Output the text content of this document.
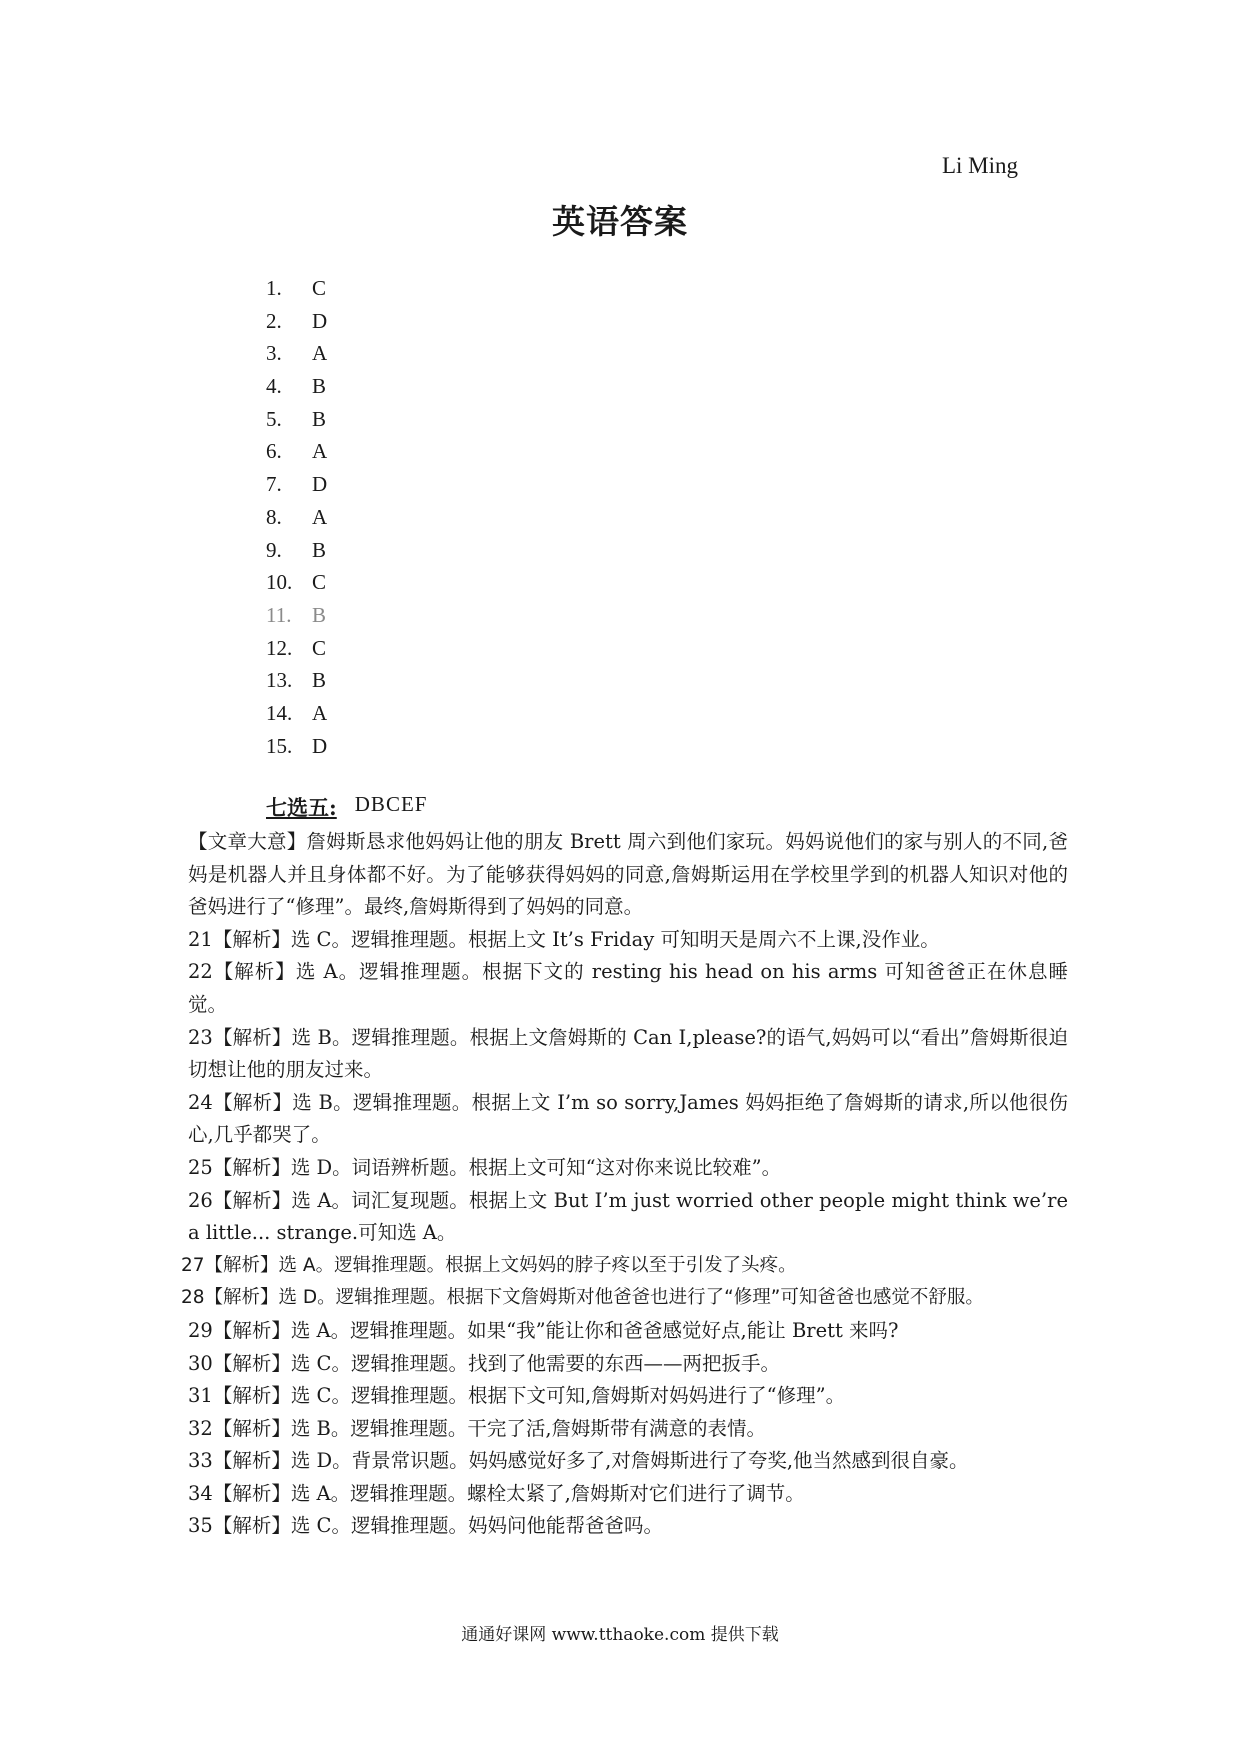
Li Ming
英语答案
1 .	C
2 .	D
3 .	A
4 .	B
5 .	B
6 .	A
7 .	D
8 .	A
9 .	B
10 .	C
11 .	B
12 .	C
13 .	B
14 .	A
15 .	D
七选五: DBCEF

【文章大意】詹姆斯恳求他妈妈让他的朋友 Brett 周六到他们家玩。妈妈说他们的家与别人的不同,爸妈是机器人并且身体都不好。为了能够获得妈妈的同意,詹姆斯运用在学校里学到的机器人知识对他的爸妈进行了“修理”。最终,詹姆斯得到了妈妈的同意。

21【解析】选 C。逻辑推理题。根据上文 It’s Friday 可知明天是周六不上课,没作业。

22【解析】选 A。逻辑推理题。根据下文的 resting his head on his arms 可知爸爸正在休息睡觉。

23【解析】选 B。逻辑推理题。根据上文詹姆斯的 Can I,please?的语气,妈妈可以“看出”詹姆斯很迫切想让他的朋友过来。

24【解析】选 B。逻辑推理题。根据上文 I’m so sorry,James 妈妈拒绝了詹姆斯的请求,所以他很伤心,几乎都哭了。

25【解析】选 D。词语辨析题。根据上文可知“这对你来说比较难”。

26【解析】选 A。词汇复现题。根据上文 But I’m just worried other people might think we’re a little... strange.可知选 A。

27【解析】选 A。逻辑推理题。根据上文妈妈的脖子疼以至于引发了头疼。

28【解析】选 D。逻辑推理题。根据下文詹姆斯对他爸爸也进行了“修理”可知爸爸也感觉不舒服。

29【解析】选 A。逻辑推理题。如果“我”能让你和爸爸感觉好点,能让 Brett 来吗?

30【解析】选 C。逻辑推理题。找到了他需要的东西——两把扳手。

31【解析】选 C。逻辑推理题。根据下文可知,詹姆斯对妈妈进行了“修理”。

32【解析】选 B。逻辑推理题。干完了活,詹姆斯带有满意的表情。

33【解析】选 D。背景常识题。妈妈感觉好多了,对詹姆斯进行了夸奖,他当然感到很自豪。

34【解析】选 A。逻辑推理题。螺栓太紧了,詹姆斯对它们进行了调节。

35【解析】选 C。逻辑推理题。妈妈问他能帮爸爸吗。

通通好课网 www.tthaoke.com 提供下载
